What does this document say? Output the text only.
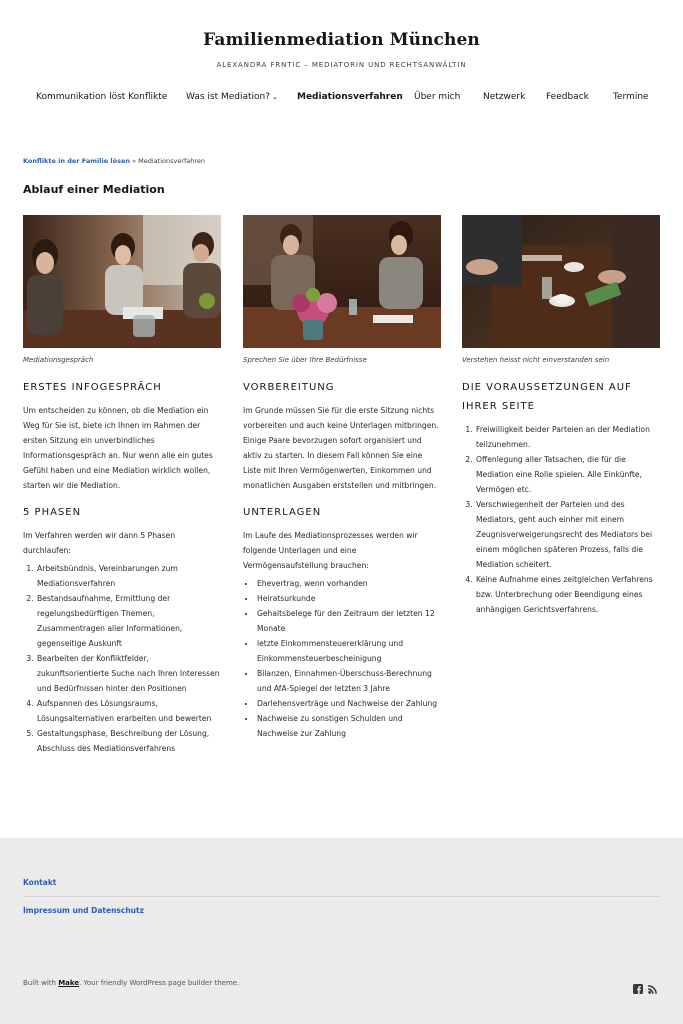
Familienmediation München
ALEXANDRA FRNTIC – MEDIATORIN UND RECHTSANWÄLTIN
Kommunikation löst Konflikte Was ist Mediation? ⌄ Mediationsverfahren Über mich	Netzwerk Feedback	Termine
Konflikte in der Familie lösen » Mediationsverfahren
Ablauf einer Mediation
Mediationsgespräch
ERSTES INFOGESPRÄCH

Um entscheiden zu können, ob die Mediation ein Weg für Sie ist, biete ich Ihnen im Rahmen der ersten Sitzung ein unverbindliches Informationsgespräch an. Nur wenn alle ein gutes Gefühl haben und eine Mediation wirklich wollen, starten wir die Mediation.

5 PHASEN

Im Verfahren werden wir dann 5 Phasen durchlaufen:

1. Arbeitsbündnis, Vereinbarungen zum Mediationsverfahren
2. Bestandsaufnahme, Ermittlung der regelungsbedürftigen Themen, Zusammentragen aller Informationen, gegenseitige Auskunft
3. Bearbeiten der Konfliktfelder, zukunftsorientierte Suche nach Ihren Interessen und Bedürfnissen hinter den Positionen
4. Aufspannen des Lösungsraums, Lösungsalternativen erarbeiten und bewerten
5. Gestaltungsphase, Beschreibung der Lösung, Abschluss des Mediationsverfahrens
Sprechen Sie über Ihre Bedürfnisse
VORBEREITUNG

Im Grunde müssen Sie für die erste Sitzung nichts vorbereiten und auch keine Unterlagen mitbringen. Einige Paare bevorzugen sofort organisiert und aktiv zu starten. In diesem Fall können Sie eine Liste mit Ihren Vermögenwerten, Einkommen und monatlichen Ausgaben erststellen und mitbringen.

UNTERLAGEN

Im Laufe des Mediationsprozesses werden wir folgende Unterlagen und eine Vermögensaufstellung brauchen:

• Ehevertrag, wenn vorhanden
• Heiratsurkunde
• Gehaltsbelege für den Zeitraum der letzten 12 Monate
• letzte Einkommensteuererklärung und Einkommensteuerbescheinigung
• Bilanzen, Einnahmen-Überschuss-Berechnung und AfA-Spiegel der letzten 3 Jahre
• Darlehensverträge und Nachweise der Zahlung
• Nachweise zu sonstigen Schulden und Nachweise zur Zahlung
Verstehen heisst nicht einverstanden sein
DIE VORAUSSETZUNGEN AUF IHRER SEITE
1. Freiwilligkeit beider Parteien an der Mediation teilzunehmen.
2. Offenlegung aller Tatsachen, die für die Mediation eine Rolle spielen. Alle Einkünfte, Vermögen etc.
3. Verschwiegenheit der Parteien und des Mediators, geht auch einher mit einem Zeugnisverweigerungsrecht des Mediators bei einem möglichen späteren Prozess, falls die Mediation scheitert.
4. Keine Aufnahme eines zeitgleichen Verfahrens bzw. Unterbrechung oder Beendigung eines anhängigen Gerichtsverfahrens.
Kontakt
Impressum und Datenschutz
Built with Make. Your friendly WordPress page builder theme.
